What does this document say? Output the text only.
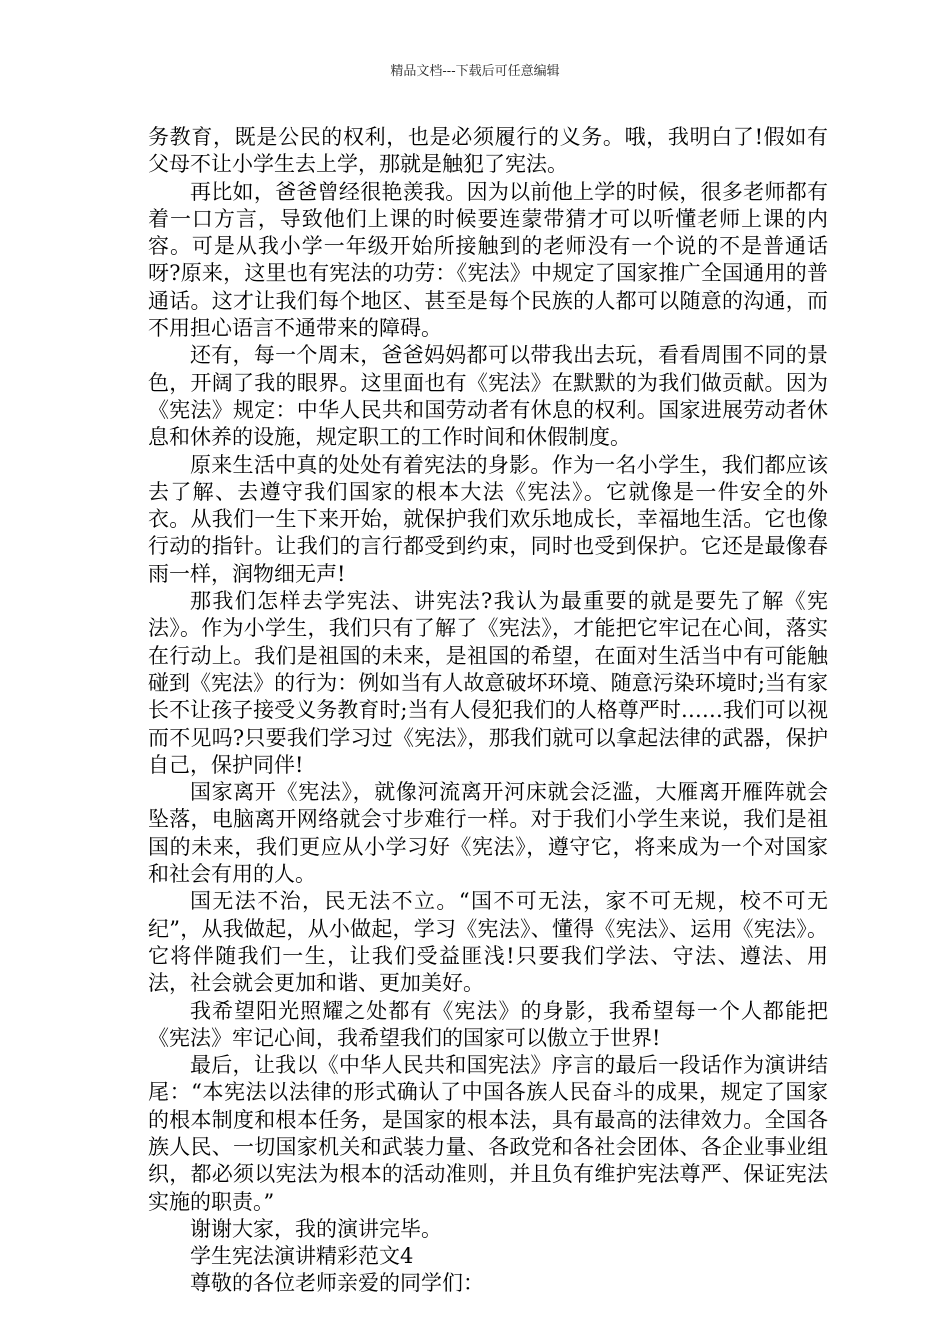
精品文档---下载后可任意编辑

务教育，既是公民的权利，也是必须履行的义务。哦，我明白了!假如有父母不让小学生去上学，那就是触犯了宪法。

再比如，爸爸曾经很艳羡我。因为以前他上学的时候，很多老师都有着一口方言，导致他们上课的时候要连蒙带猜才可以听懂老师上课的内容。可是从我小学一年级开始所接触到的老师没有一个说的不是普通话呀?原来，这里也有宪法的功劳：《宪法》中规定了国家推广全国通用的普通话。这才让我们每个地区、甚至是每个民族的人都可以随意的沟通，而不用担心语言不通带来的障碍。

还有，每一个周末，爸爸妈妈都可以带我出去玩，看看周围不同的景色，开阔了我的眼界。这里面也有《宪法》在默默的为我们做贡献。因为《宪法》规定：中华人民共和国劳动者有休息的权利。国家进展劳动者休息和休养的设施，规定职工的工作时间和休假制度。

原来生活中真的处处有着宪法的身影。作为一名小学生，我们都应该去了解、去遵守我们国家的根本大法《宪法》。它就像是一件安全的外衣。从我们一生下来开始，就保护我们欢乐地成长，幸福地生活。它也像行动的指针。让我们的言行都受到约束，同时也受到保护。它还是最像春雨一样，润物细无声!

那我们怎样去学宪法、讲宪法?我认为最重要的就是要先了解《宪法》。作为小学生，我们只有了解了《宪法》，才能把它牢记在心间，落实在行动上。我们是祖国的未来，是祖国的希望，在面对生活当中有可能触碰到《宪法》的行为：例如当有人故意破坏环境、随意污染环境时;当有家长不让孩子接受义务教育时;当有人侵犯我们的人格尊严时……我们可以视而不见吗?只要我们学习过《宪法》，那我们就可以拿起法律的武器，保护自己，保护同伴!

国家离开《宪法》，就像河流离开河床就会泛滥，大雁离开雁阵就会坠落，电脑离开网络就会寸步难行一样。对于我们小学生来说，我们是祖国的未来，我们更应从小学习好《宪法》，遵守它，将来成为一个对国家和社会有用的人。

国无法不治，民无法不立。“国不可无法，家不可无规，校不可无纪”，从我做起，从小做起，学习《宪法》、懂得《宪法》、运用《宪法》。它将伴随我们一生，让我们受益匪浅!只要我们学法、守法、遵法、用法，社会就会更加和谐、更加美好。

我希望阳光照耀之处都有《宪法》的身影，我希望每一个人都能把《宪法》牢记心间，我希望我们的国家可以傲立于世界!

最后，让我以《中华人民共和国宪法》序言的最后一段话作为演讲结尾：“本宪法以法律的形式确认了中国各族人民奋斗的成果，规定了国家的根本制度和根本任务，是国家的根本法，具有最高的法律效力。全国各族人民、一切国家机关和武装力量、各政党和各社会团体、各企业事业组织，都必须以宪法为根本的活动准则，并且负有维护宪法尊严、保证宪法实施的职责。”

谢谢大家，我的演讲完毕。

学生宪法演讲精彩范文4

尊敬的各位老师亲爱的同学们：
